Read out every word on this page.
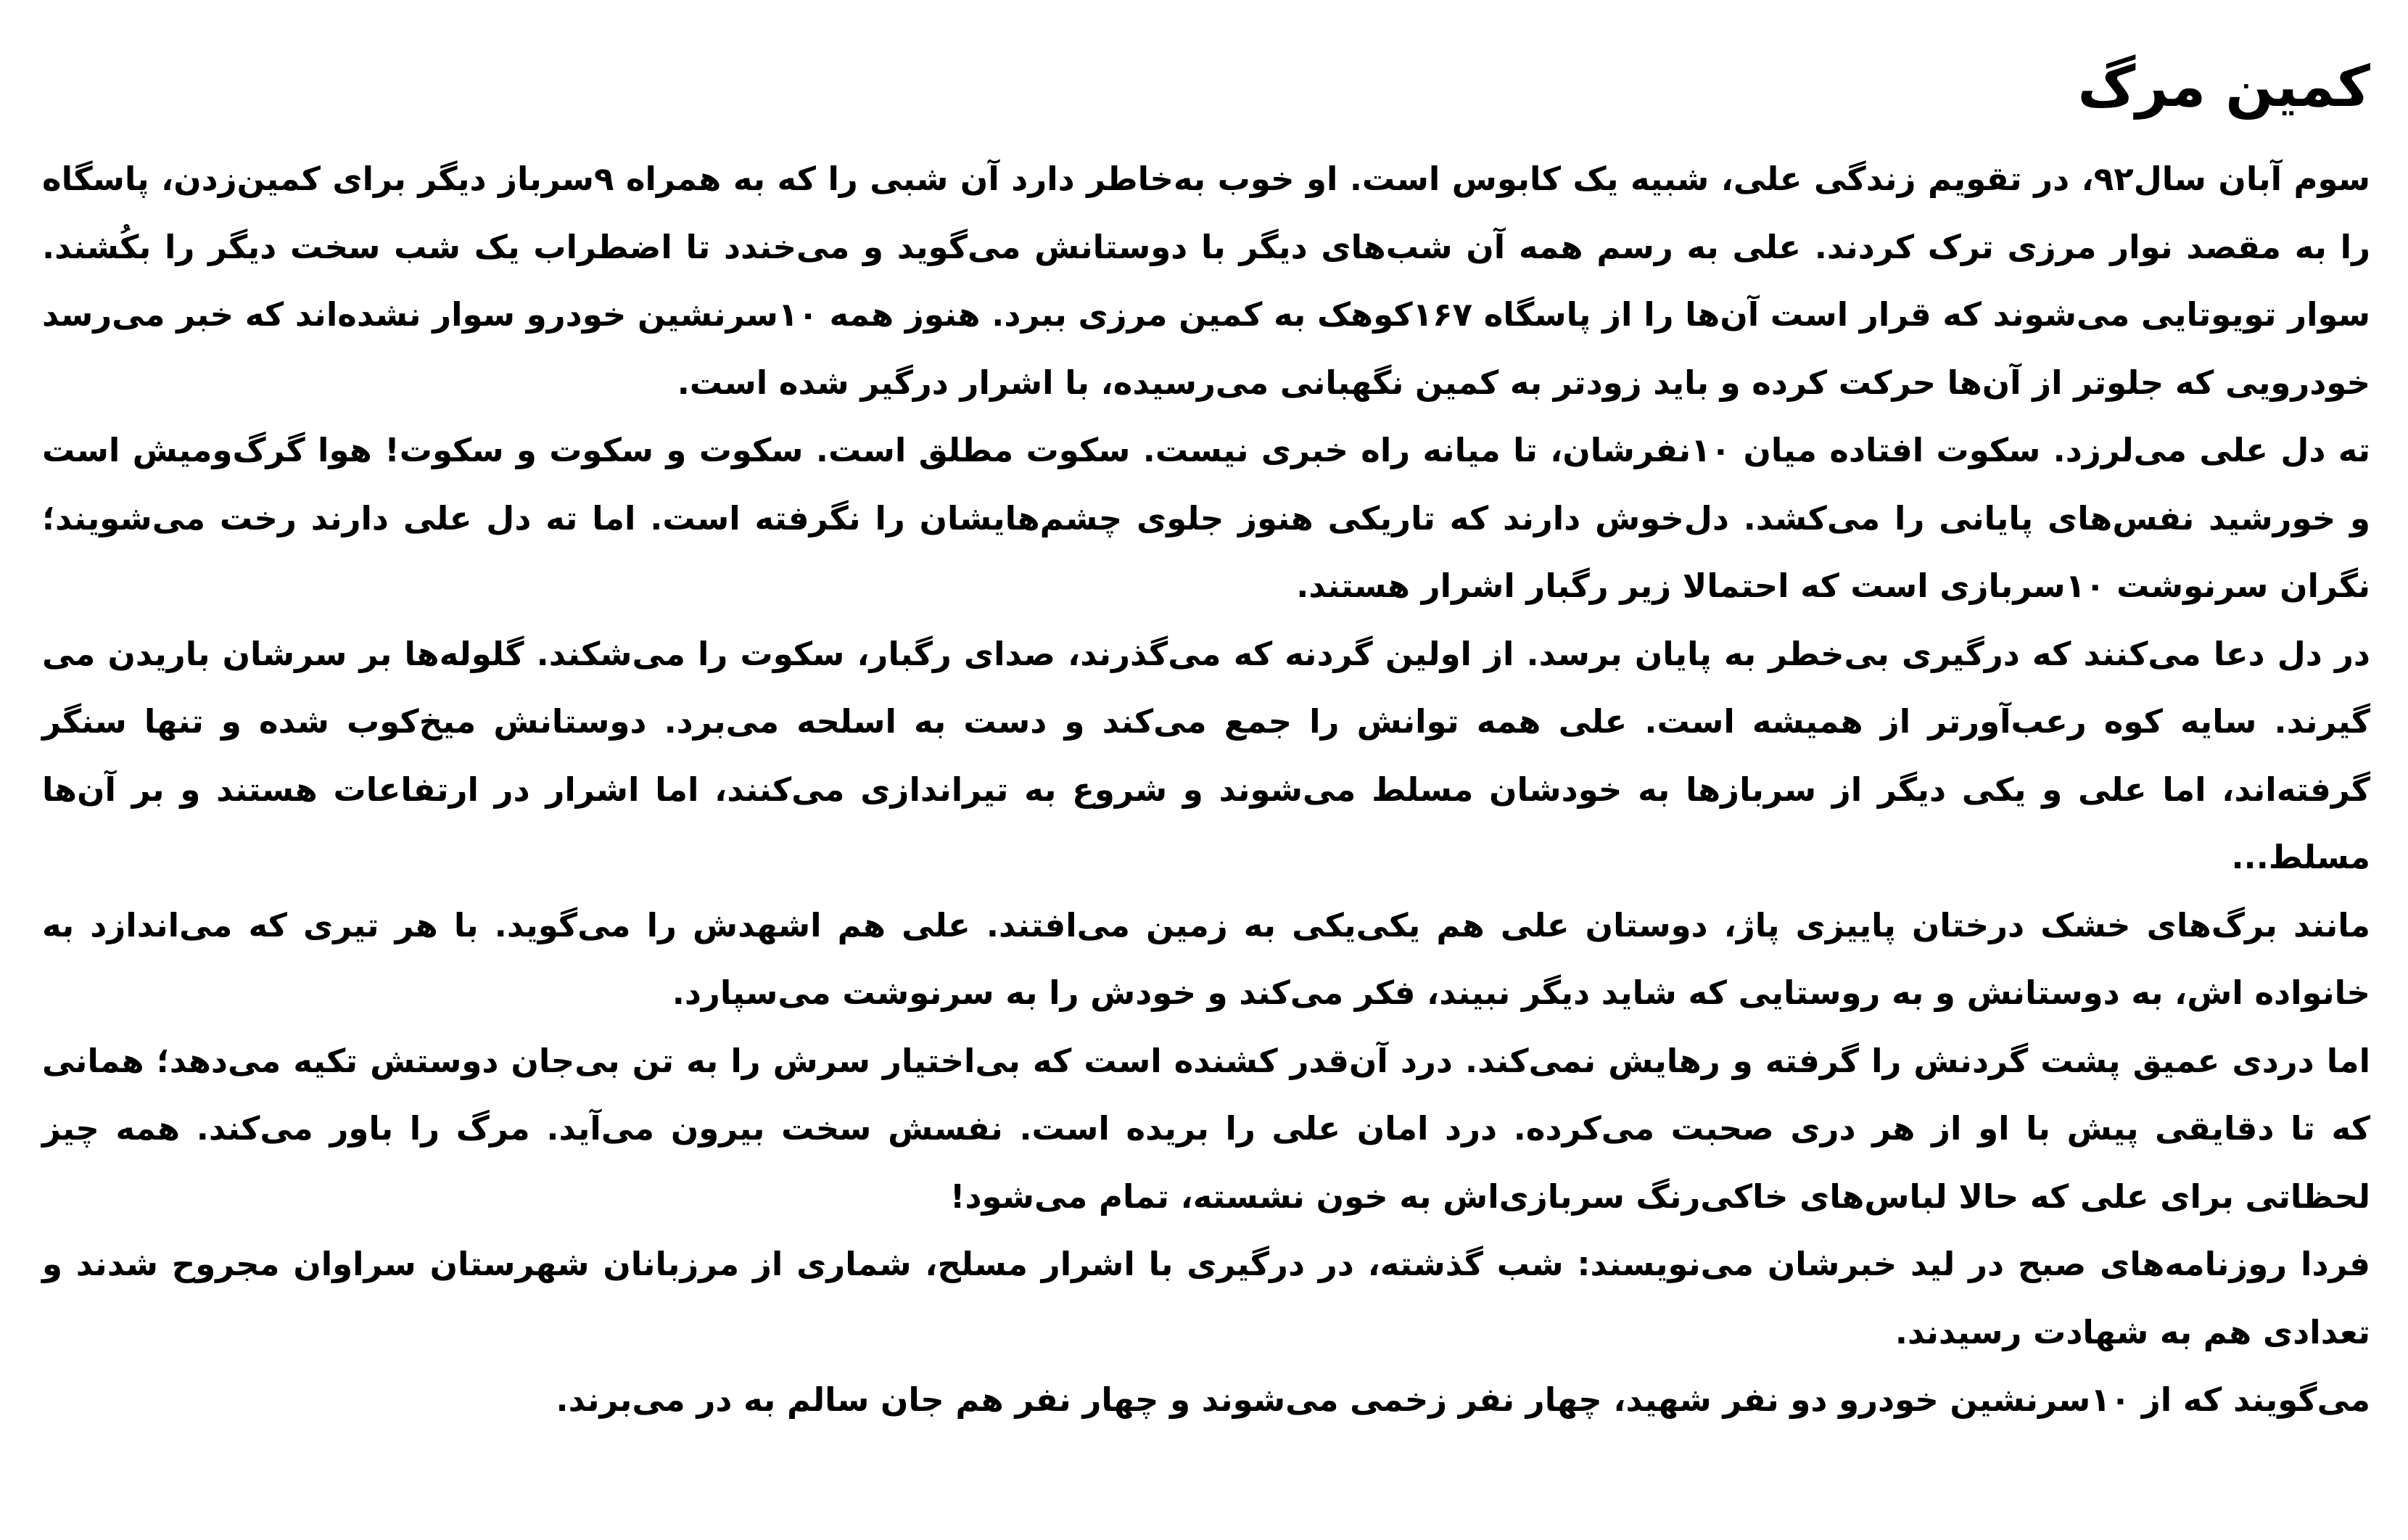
کمین مرگ

سوم آبان سال۹۲، در تقویم زندگی علی، شبیه یک کابوس است. او خوب به‌خاطر دارد آن شبی را که به همراه ۹سرباز دیگر برای کمین‌زدن، پاسگاه را به مقصد نوار مرزی ترک کردند. علی به رسم همه آن شب‌های دیگر با دوستانش می‌گوید و می‌خندد تا اضطراب یک شب سخت دیگر را بکُشند. سوار تویوتایی می‌شوند که قرار است آن‌ها را از پاسگاه ۱۶۷کوهک به کمین مرزی ببرد. هنوز همه ۱۰سرنشین خودرو سوار نشده‌اند که خبر می‌رسد خودرویی که جلوتر از آن‌ها حرکت کرده و باید زودتر به کمین نگهبانی می‌رسیده، با اشرار درگیر شده است.

ته دل علی می‌لرزد. سکوت افتاده میان ۱۰نفرشان، تا میانه راه خبری نیست. سکوت مطلق است. سکوت و سکوت و سکوت! هوا گرگ‌ومیش است و خورشید نفس‌های پایانی را می‌کشد. دل‌خوش دارند که تاریکی هنوز جلوی چشم‌هایشان را نگرفته است. اما ته دل علی دارند رخت می‌شویند؛ نگران سرنوشت ۱۰سربازی است که احتمالا زیر رگبار اشرار هستند.

در دل دعا می‌کنند که درگیری بی‌خطر به پایان برسد. از اولین گردنه که می‌گذرند، صدای رگبار، سکوت را می‌شکند. گلوله‌ها بر سرشان باریدن می گیرند. سایه کوه رعب‌آورتر از همیشه است. علی همه توانش را جمع می‌کند و دست به اسلحه می‌برد. دوستانش میخ‌کوب شده و تنها سنگر گرفته‌اند، اما علی و یکی دیگر از سربازها به خودشان مسلط می‌شوند و شروع به تیراندازی می‌کنند، اما اشرار در ارتفاعات هستند و بر آن‌ها مسلط...

مانند برگ‌های خشک درختان پاییزی پاژ، دوستان علی هم یکی‌یکی به زمین می‌افتند. علی هم اشهدش را می‌گوید. با هر تیری که می‌اندازد به خانواده اش، به دوستانش و به روستایی که شاید دیگر نبیند، فکر می‌کند و خودش را به سرنوشت می‌سپارد.

اما دردی عمیق پشت گردنش را گرفته و رهایش نمی‌کند. درد آن‌قدر کشنده است که بی‌اختیار سرش را به تن بی‌جان دوستش تکیه می‌دهد؛ همانی که تا دقایقی پیش با او از هر دری صحبت می‌کرده. درد امان علی را بریده است. نفسش سخت بیرون می‌آید. مرگ را باور می‌کند. همه چیز لحظاتی برای علی که حالا لباس‌های خاکی‌رنگ سربازی‌اش به خون نشسته، تمام می‌شود!

فردا روزنامه‌های صبح در لید خبرشان می‌نویسند: شب گذشته، در درگیری با اشرار مسلح، شماری از مرزبانان شهرستان سراوان مجروح شدند و تعدادی هم به شهادت رسیدند.

می‌گویند که از ۱۰سرنشین خودرو دو نفر شهید، چهار نفر زخمی می‌شوند و چهار نفر هم جان سالم به در می‌برند.
